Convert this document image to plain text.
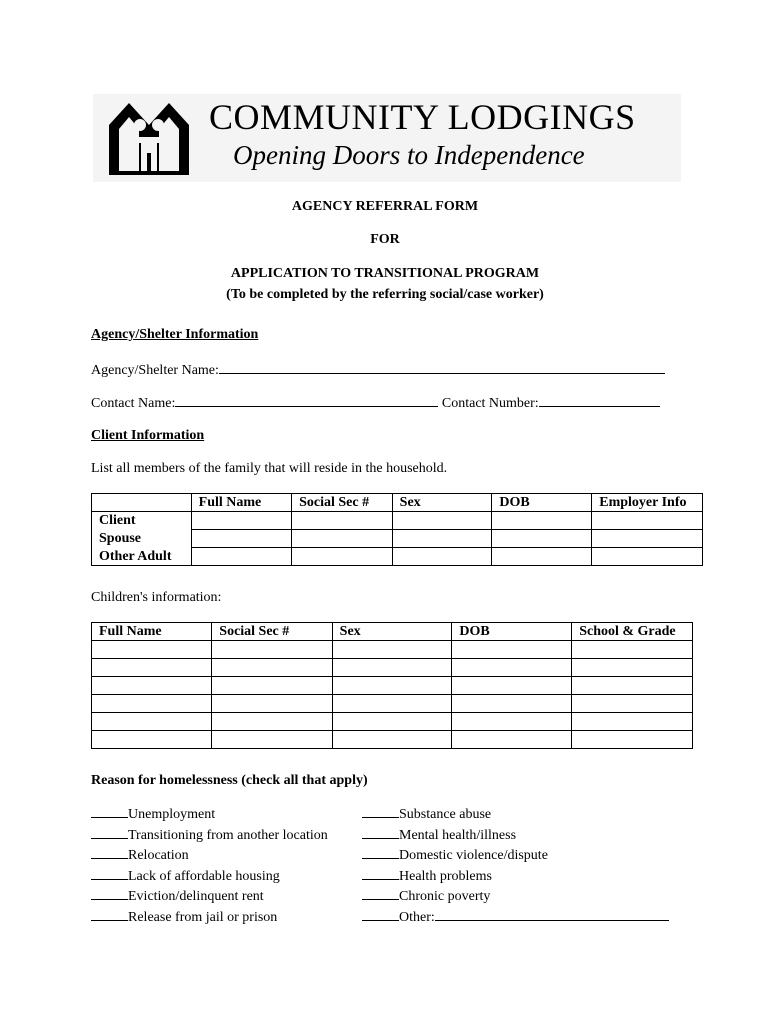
COMMUNITY LODGINGS
Opening Doors to Independence
AGENCY REFERRAL FORM
FOR
APPLICATION TO TRANSITIONAL PROGRAM
(To be completed by the referring social/case worker)
Agency/Shelter Information
Agency/Shelter Name:
Contact Name:	Contact Number:
Client Information
List all members of the family that will reside in the household.
	Full Name	Social Sec #	Sex	DOB	Employer Info
Client					
Spouse					
Other Adult					
Children's information:
Full Name	Social Sec #	Sex	DOB	School & Grade

Reason for homelessness (check all that apply)
Unemployment
Transitioning from another location
Relocation
Lack of affordable housing
Eviction/delinquent rent
Release from jail or prison
Substance abuse
Mental health/illness
Domestic violence/dispute
Health problems
Chronic poverty
Other:
